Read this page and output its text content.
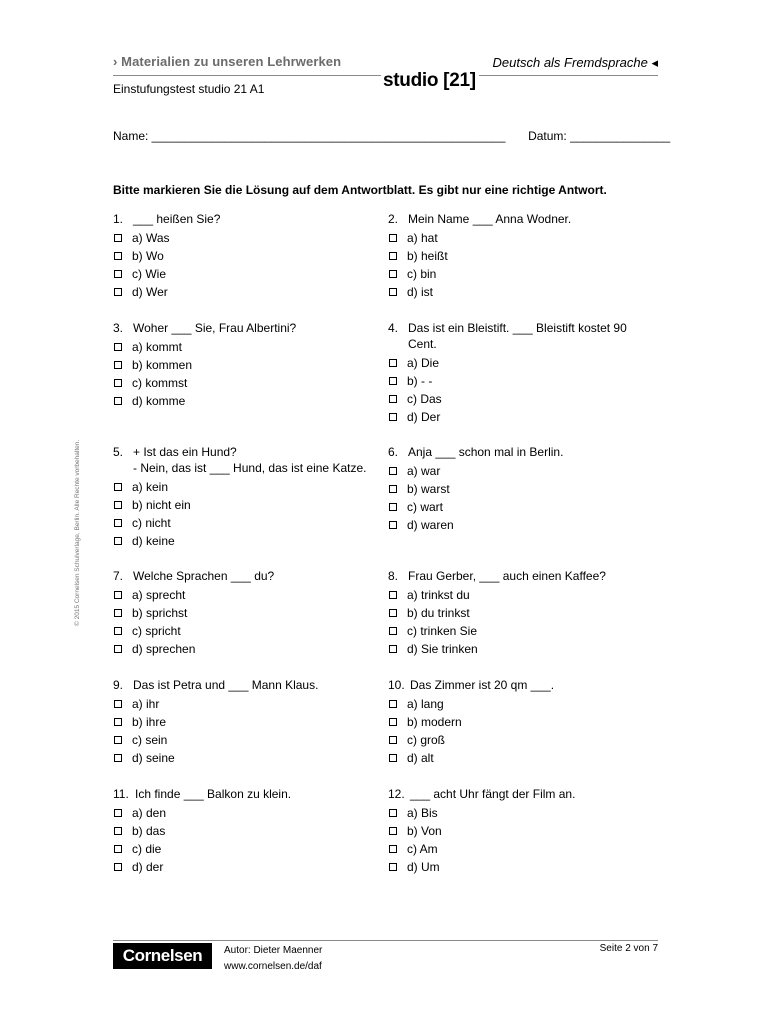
› Materialien zu unseren Lehrwerken	Deutsch als Fremdsprache ◂
studio [21]
Einstufungstest studio 21 A1
Name: _____________________________________________________ Datum: _______________
Bitte markieren Sie die Lösung auf dem Antwortblatt. Es gibt nur eine richtige Antwort.
1. ___ heißen Sie?
a) Was
b) Wo
c) Wie
d) Wer
2. Mein Name ___ Anna Wodner.
a) hat
b) heißt
c) bin
d) ist
3. Woher ___ Sie, Frau Albertini?
a) kommt
b) kommen
c) kommst
d) komme
4. Das ist ein Bleistift. ___ Bleistift kostet 90
Cent.
a) Die
b) - -
c) Das
d) Der
5. + Ist das ein Hund?
- Nein, das ist ___ Hund, das ist eine Katze.
a) kein
b) nicht ein
c) nicht
d) keine
6. Anja ___ schon mal in Berlin.
a) war
b) warst
c) wart
d) waren
7. Welche Sprachen ___ du?
a) sprecht
b) sprichst
c) spricht
d) sprechen
8. Frau Gerber, ___ auch einen Kaffee?
a) trinkst du
b) du trinkst
c) trinken Sie
d) Sie trinken
9. Das ist Petra und ___ Mann Klaus.
a) ihr
b) ihre
c) sein
d) seine
10. Das Zimmer ist 20 qm ___.
a) lang
b) modern
c) groß
d) alt
11. Ich finde ___ Balkon zu klein.
a) den
b) das
c) die
d) der
12. ___ acht Uhr fängt der Film an.
a) Bis
b) Von
c) Am
d) Um
© 2015 Cornelsen Schulverlage, Berlin. Alle Rechte vorbehalten.
Cornelsen	Autor: Dieter Maenner
www.cornelsen.de/daf
Seite 2 von 7
